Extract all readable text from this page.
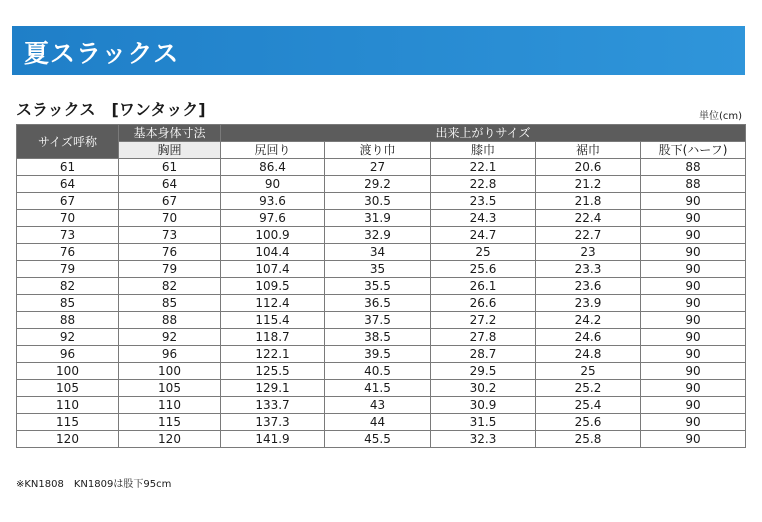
夏スラックス
スラックス　[ワンタック]	単位(cm)
サイズ呼称	基本身体寸法	出来上がりサイズ				
	胸囲	尻回り	渡り巾	膝巾	裾巾	股下(ハーフ)
61	61	86.4	27	22.1	20.6	88
64	64	90	29.2	22.8	21.2	88
67	67	93.6	30.5	23.5	21.8	90
70	70	97.6	31.9	24.3	22.4	90
73	73	100.9	32.9	24.7	22.7	90
76	76	104.4	34	25	23	90
79	79	107.4	35	25.6	23.3	90
82	82	109.5	35.5	26.1	23.6	90
85	85	112.4	36.5	26.6	23.9	90
88	88	115.4	37.5	27.2	24.2	90
92	92	118.7	38.5	27.8	24.6	90
96	96	122.1	39.5	28.7	24.8	90
100	100	125.5	40.5	29.5	25	90
105	105	129.1	41.5	30.2	25.2	90
110	110	133.7	43	30.9	25.4	90
115	115	137.3	44	31.5	25.6	90
120	120	141.9	45.5	32.3	25.8	90
※KN1808　KN1809は股下95cm
